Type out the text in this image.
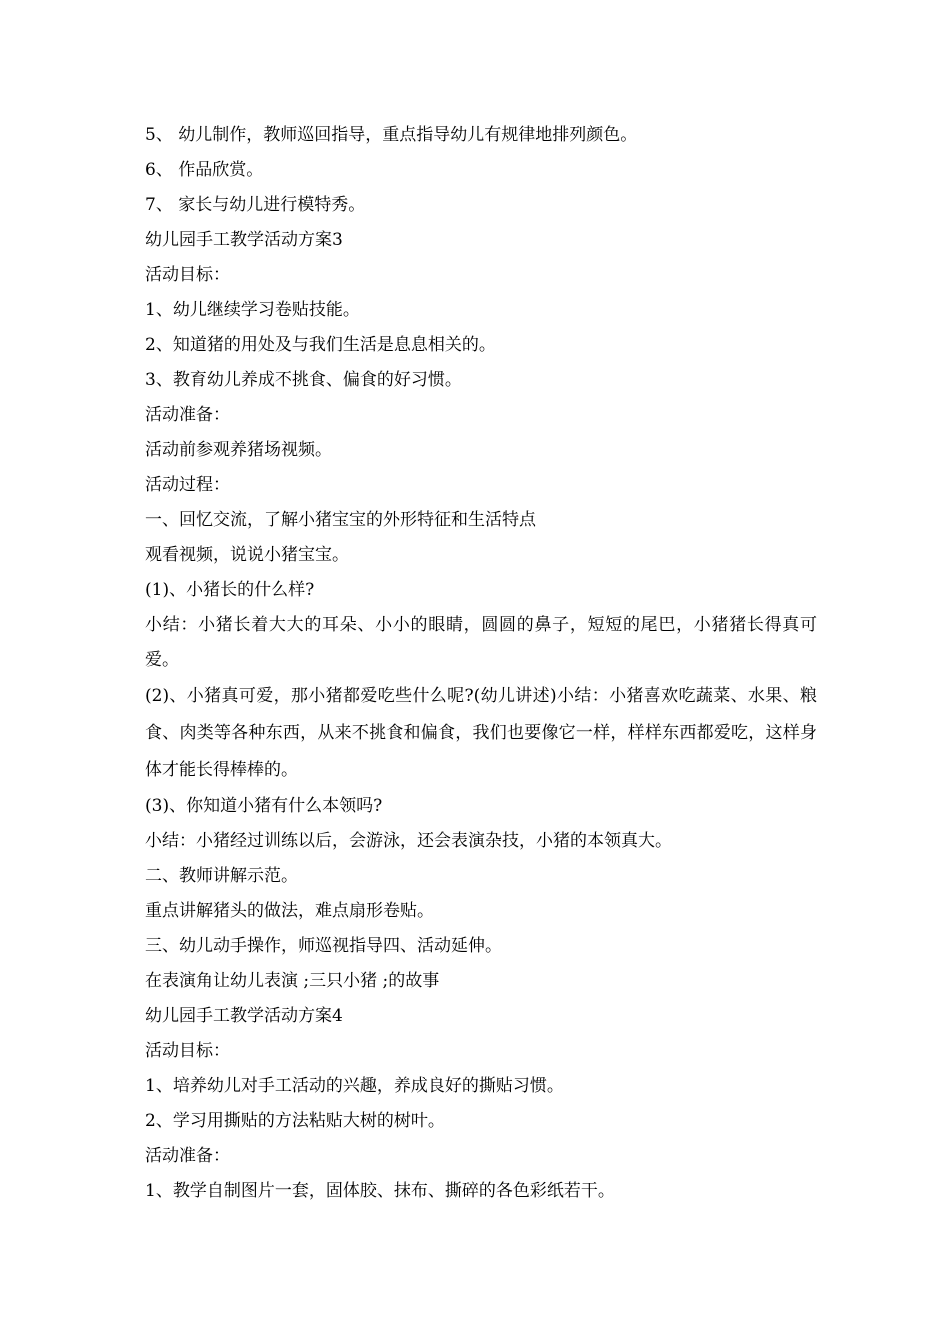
5、 幼儿制作，教师巡回指导，重点指导幼儿有规律地排列颜色。
6、 作品欣赏。
7、 家长与幼儿进行模特秀。
幼儿园手工教学活动方案3
活动目标：
1、幼儿继续学习卷贴技能。
2、知道猪的用处及与我们生活是息息相关的。
3、教育幼儿养成不挑食、偏食的好习惯。
活动准备：
活动前参观养猪场视频。
活动过程：
一、回忆交流，了解小猪宝宝的外形特征和生活特点
观看视频，说说小猪宝宝。
(1)、小猪长的什么样?

小结：小猪长着大大的耳朵、小小的眼睛，圆圆的鼻子，短短的尾巴，小猪猪长得真可爱。

(2)、小猪真可爱，那小猪都爱吃些什么呢?(幼儿讲述)小结：小猪喜欢吃蔬菜、水果、粮食、肉类等各种东西，从来不挑食和偏食，我们也要像它一样，样样东西都爱吃，这样身体才能长得棒棒的。

(3)、你知道小猪有什么本领吗?
小结：小猪经过训练以后，会游泳，还会表演杂技，小猪的本领真大。
二、教师讲解示范。
重点讲解猪头的做法，难点扇形卷贴。
三、幼儿动手操作，师巡视指导四、活动延伸。
在表演角让幼儿表演 ;三只小猪 ;的故事
幼儿园手工教学活动方案4
活动目标：
1、培养幼儿对手工活动的兴趣，养成良好的撕贴习惯。
2、学习用撕贴的方法粘贴大树的树叶。
活动准备：
1、教学自制图片一套，固体胶、抹布、撕碎的各色彩纸若干。
